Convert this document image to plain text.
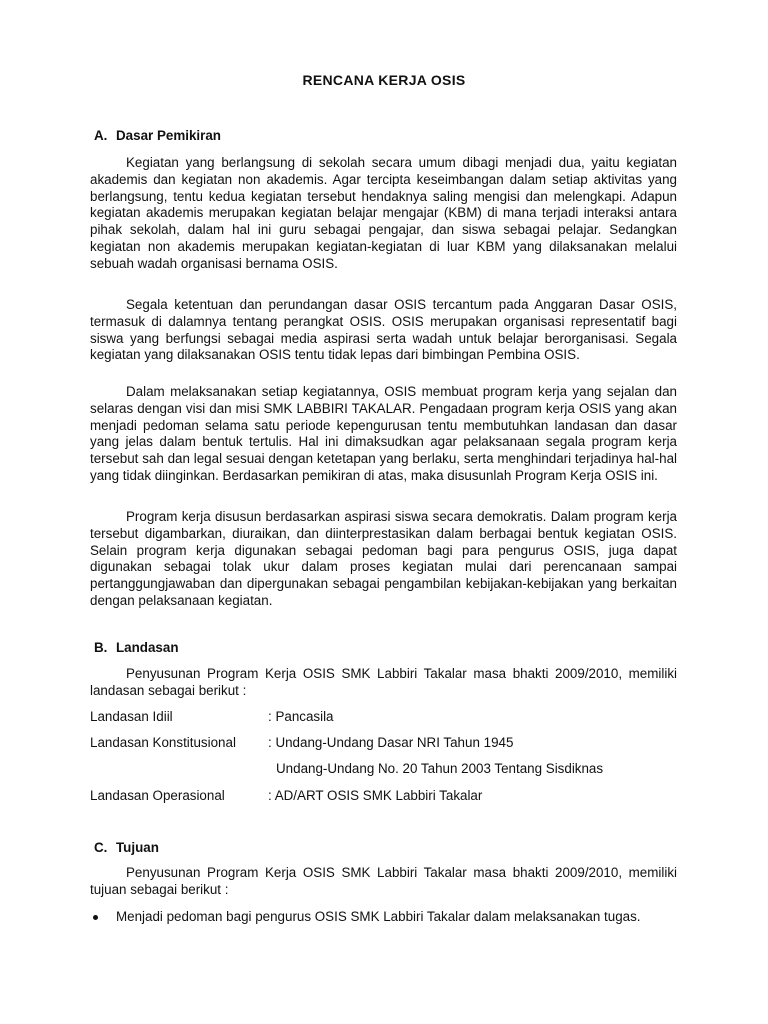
RENCANA KERJA OSIS
A. Dasar Pemikiran

Kegiatan yang berlangsung di sekolah secara umum dibagi menjadi dua, yaitu kegiatan akademis dan kegiatan non akademis. Agar tercipta keseimbangan dalam setiap aktivitas yang berlangsung, tentu kedua kegiatan tersebut hendaknya saling mengisi dan melengkapi. Adapun kegiatan akademis merupakan kegiatan belajar mengajar (KBM) di mana terjadi interaksi antara pihak sekolah, dalam hal ini guru sebagai pengajar, dan siswa sebagai pelajar. Sedangkan kegiatan non akademis merupakan kegiatan-kegiatan di luar KBM yang dilaksanakan melalui sebuah wadah organisasi bernama OSIS.

Segala ketentuan dan perundangan dasar OSIS tercantum pada Anggaran Dasar OSIS, termasuk di dalamnya tentang perangkat OSIS. OSIS merupakan organisasi representatif bagi siswa yang berfungsi sebagai media aspirasi serta wadah untuk belajar berorganisasi. Segala kegiatan yang dilaksanakan OSIS tentu tidak lepas dari bimbingan Pembina OSIS.

Dalam melaksanakan setiap kegiatannya, OSIS membuat program kerja yang sejalan dan selaras dengan visi dan misi SMK LABBIRI TAKALAR. Pengadaan program kerja OSIS yang akan menjadi pedoman selama satu periode kepengurusan tentu membutuhkan landasan dan dasar yang jelas dalam bentuk tertulis. Hal ini dimaksudkan agar pelaksanaan segala program kerja tersebut sah dan legal sesuai dengan ketetapan yang berlaku, serta menghindari terjadinya hal-hal yang tidak diinginkan. Berdasarkan pemikiran di atas, maka disusunlah Program Kerja OSIS ini.

Program kerja disusun berdasarkan aspirasi siswa secara demokratis. Dalam program kerja tersebut digambarkan, diuraikan, dan diinterprestasikan dalam berbagai bentuk kegiatan OSIS. Selain program kerja digunakan sebagai pedoman bagi para pengurus OSIS, juga dapat digunakan sebagai tolak ukur dalam proses kegiatan mulai dari perencanaan sampai pertanggungjawaban dan dipergunakan sebagai pengambilan kebijakan-kebijakan yang berkaitan dengan pelaksanaan kegiatan.

B. Landasan

Penyusunan Program Kerja OSIS SMK Labbiri Takalar masa bhakti 2009/2010, memiliki landasan sebagai berikut :

Landasan Idiil	: Pancasila
Landasan Konstitusional : Undang-Undang Dasar NRI Tahun 1945
Undang-Undang No. 20 Tahun 2003 Tentang Sisdiknas
Landasan Operasional	: AD/ART OSIS SMK Labbiri Takalar
C. Tujuan

Penyusunan Program Kerja OSIS SMK Labbiri Takalar masa bhakti 2009/2010, memiliki tujuan sebagai berikut :

Menjadi pedoman bagi pengurus OSIS SMK Labbiri Takalar dalam melaksanakan tugas.
